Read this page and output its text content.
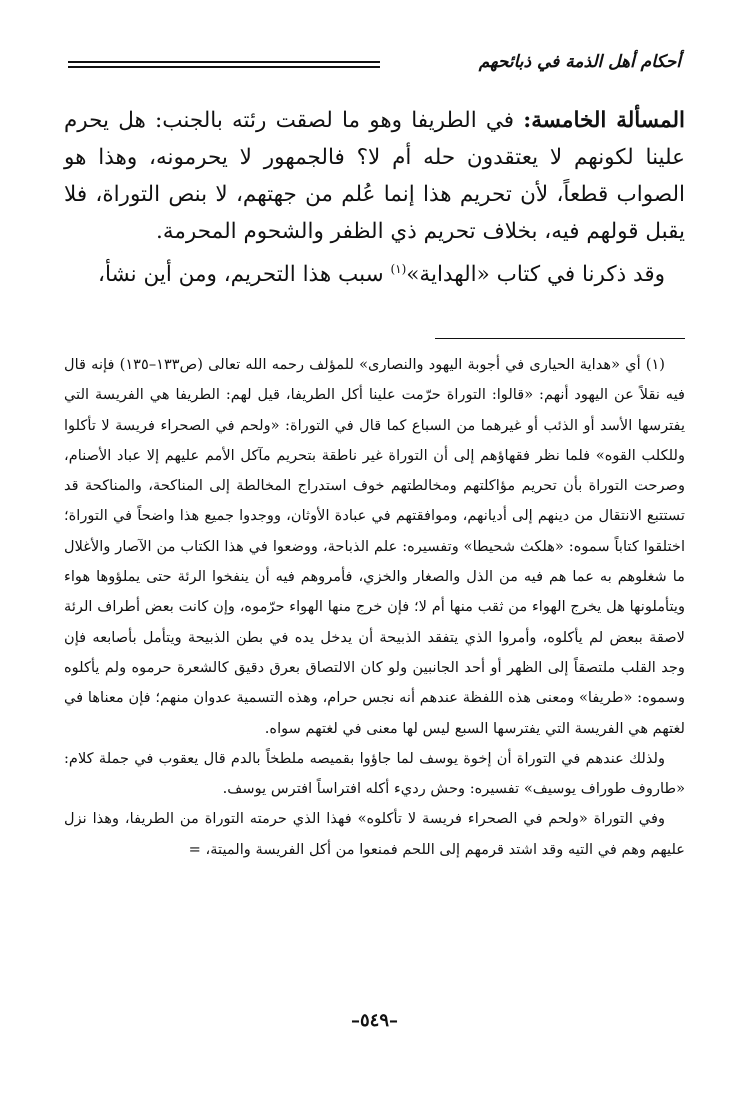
أحكام أهل الذمة في ذبائحهم

المسألة الخامسة: في الطريفا وهو ما لصقت رئته بالجنب: هل يحرم علينا لكونهم لا يعتقدون حله أم لا؟ فالجمهور لا يحرمونه، وهذا هو الصواب قطعاً، لأن تحريم هذا إنما عُلم من جهتهم، لا بنص التوراة، فلا يقبل قولهم فيه، بخلاف تحريم ذي الظفر والشحوم المحرمة.

وقد ذكرنا في كتاب «الهداية»$^{(١)}$ سبب هذا التحريم، ومن أين نشأ،

(١) أي «هداية الحيارى في أجوبة اليهود والنصارى» للمؤلف رحمه الله تعالى (ص١٣٣–١٣٥) فإنه قال فيه نقلاً عن اليهود أنهم: «قالوا: التوراة حرّمت علينا أكل الطريفا، قيل لهم: الطريفا هي الفريسة التي يفترسها الأسد أو الذئب أو غيرهما من السباع كما قال في التوراة: «ولحم في الصحراء فريسة لا تأكلوا وللكلب القوه» فلما نظر فقهاؤهم إلى أن التوراة غير ناطقة بتحريم مآكل الأمم عليهم إلا عباد الأصنام، وصرحت التوراة بأن تحريم مؤاكلتهم ومخالطتهم خوف استدراج المخالطة إلى المناكحة، والمناكحة قد تستتبع الانتقال من دينهم إلى أديانهم، وموافقتهم في عبادة الأوثان، ووجدوا جميع هذا واضحاً في التوراة؛ اختلقوا كتاباً سموه: «هلكث شحيطا» وتفسيره: علم الذباحة، ووضعوا في هذا الكتاب من الآصار والأغلال ما شغلوهم به عما هم فيه من الذل والصغار والخزي، فأمروهم فيه أن ينفخوا الرئة حتى يملؤوها هواء ويتأملونها هل يخرج الهواء من ثقب منها أم لا؛ فإن خرج منها الهواء حرّموه، وإن كانت بعض أطراف الرئة لاصقة ببعض لم يأكلوه، وأمروا الذي يتفقد الذبيحة أن يدخل يده في بطن الذبيحة ويتأمل بأصابعه فإن وجد القلب ملتصقاً إلى الظهر أو أحد الجانبين ولو كان الالتصاق بعرق دقيق كالشعرة حرموه ولم يأكلوه وسموه: «طريفا» ومعنى هذه اللفظة عندهم أنه نجس حرام، وهذه التسمية عدوان منهم؛ فإن معناها في لغتهم هي الفريسة التي يفترسها السبع ليس لها معنى في لغتهم سواه.

ولذلك عندهم في التوراة أن إخوة يوسف لما جاؤوا بقميصه ملطخاً بالدم قال يعقوب في جملة كلام: «طاروف طوراف يوسيف» تفسيره: وحش رديء أكله افتراساً افترس يوسف.

وفي التوراة «ولحم في الصحراء فريسة لا تأكلوه» فهذا الذي حرمته التوراة من الطريفا، وهذا نزل عليهم وهم في التيه وقد اشتد قرمهم إلى اللحم فمنعوا من أكل الفريسة والميتة، =

–٥٤٩–
